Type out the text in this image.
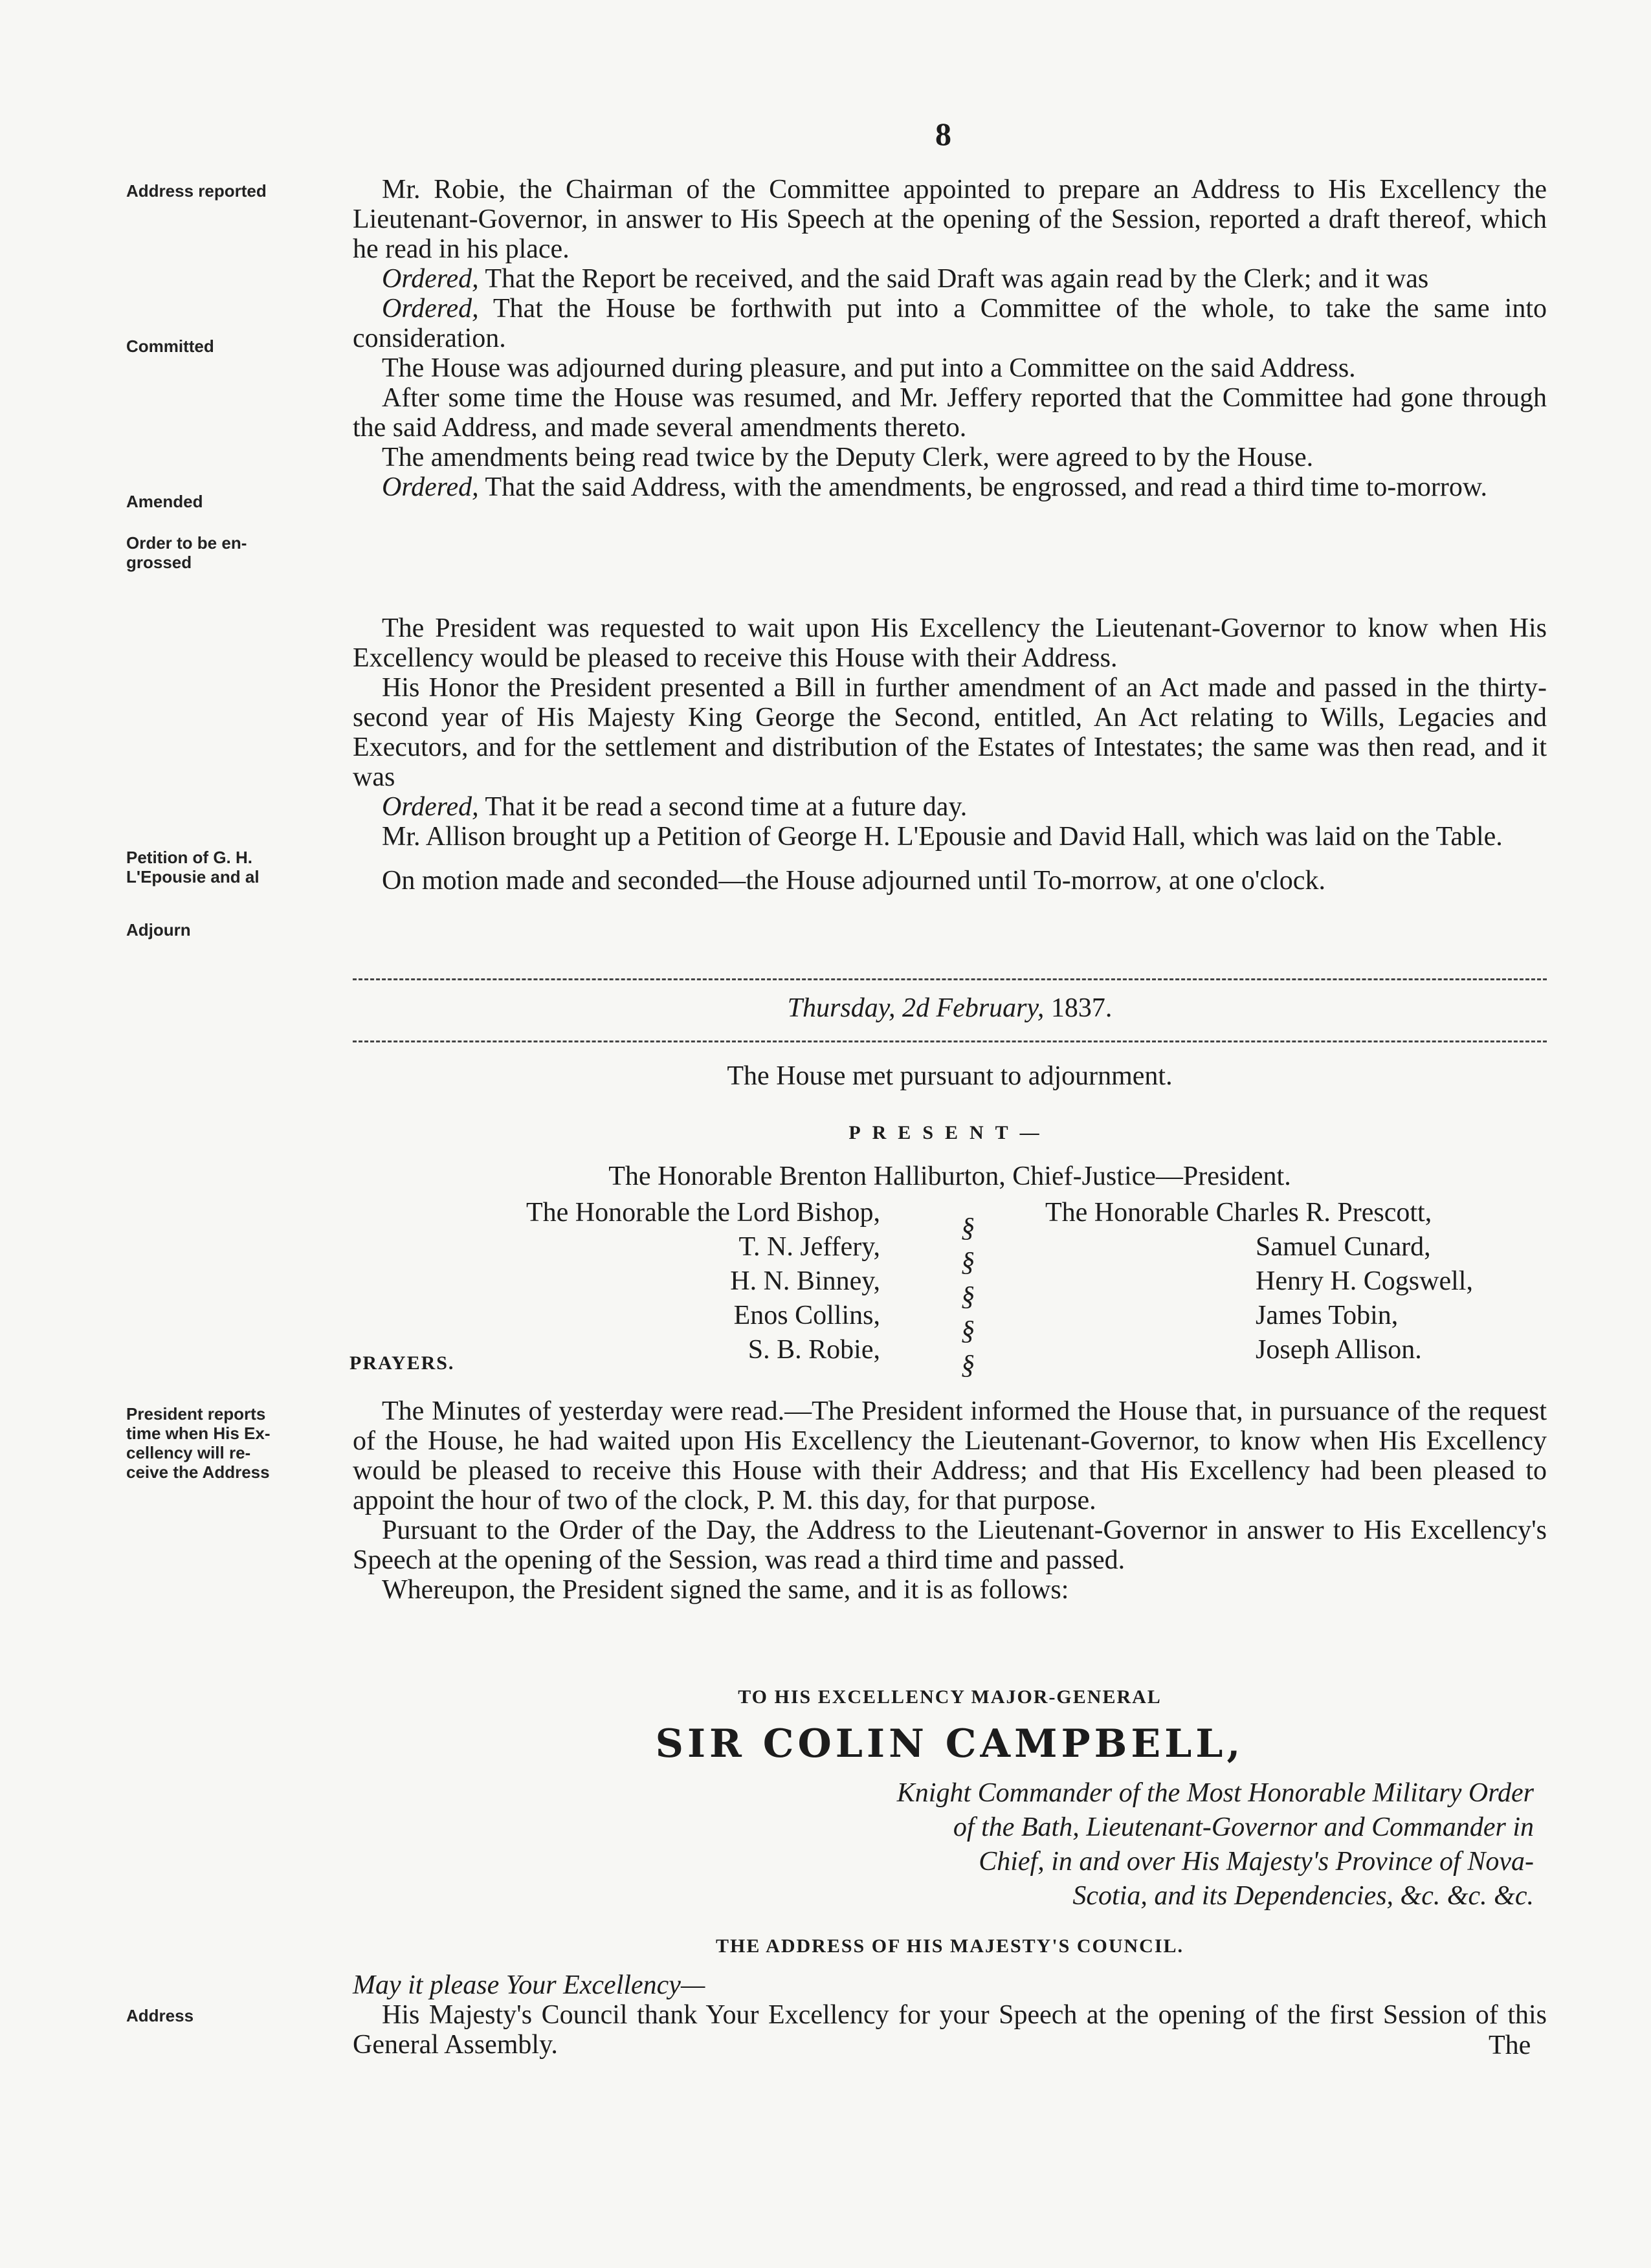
8
Address reported
Committed
Amended
Order to be en-
grossed
Petition of G. H.
L'Epousie and al
Adjourn
President reports
time when His Ex-
cellency will re-
ceive the Address
Address

Mr. Robie, the Chairman of the Committee appointed to prepare an Address to His Excellency the Lieutenant-Governor, in answer to His Speech at the opening of the Session, reported a draft thereof, which he read in his place.

Ordered, That the Report be received, and the said Draft was again read by the Clerk; and it was

Ordered, That the House be forthwith put into a Committee of the whole, to take the same into consideration.

The House was adjourned during pleasure, and put into a Committee on the said Address.

After some time the House was resumed, and Mr. Jeffery reported that the Committee had gone through the said Address, and made several amendments thereto.

The amendments being read twice by the Deputy Clerk, were agreed to by the House.

Ordered, That the said Address, with the amendments, be engrossed, and read a third time to-morrow.

The President was requested to wait upon His Excellency the Lieutenant-Governor to know when His Excellency would be pleased to receive this House with their Address.

His Honor the President presented a Bill in further amendment of an Act made and passed in the thirty-second year of His Majesty King George the Second, entitled, An Act relating to Wills, Legacies and Executors, and for the settlement and distribution of the Estates of Intestates; the same was then read, and it was

Ordered, That it be read a second time at a future day.

Mr. Allison brought up a Petition of George H. L'Epousie and David Hall, which was laid on the Table.

On motion made and seconded—the House adjourned until To-morrow, at one o'clock.

Thursday, 2d February, 1837.
The House met pursuant to adjournment.
PRESENT—
The Honorable Brenton Halliburton, Chief-Justice—President.
The Honorable the Lord Bishop,
T. N. Jeffery,
H. N. Binney,
Enos Collins,
S. B. Robie,
§
§
§
§
§
The Honorable Charles R. Prescott,
Samuel Cunard,
Henry H. Cogswell,
James Tobin,
Joseph Allison.
PRAYERS.

The Minutes of yesterday were read.—The President informed the House that, in pursuance of the request of the House, he had waited upon His Excellency the Lieutenant-Governor, to know when His Excellency would be pleased to receive this House with their Address; and that His Excellency had been pleased to appoint the hour of two of the clock, P. M. this day, for that purpose.

Pursuant to the Order of the Day, the Address to the Lieutenant-Governor in answer to His Excellency's Speech at the opening of the Session, was read a third time and passed.

Whereupon, the President signed the same, and it is as follows:

TO HIS EXCELLENCY MAJOR-GENERAL
SIR COLIN CAMPBELL,
Knight Commander of the Most Honorable Military Order
of the Bath, Lieutenant-Governor and Commander in
Chief, in and over His Majesty's Province of Nova-
Scotia, and its Dependencies, &c. &c. &c.
THE ADDRESS OF HIS MAJESTY'S COUNCIL.

May it please Your Excellency—

His Majesty's Council thank Your Excellency for your Speech at the opening of the first Session of this General Assembly.	The
